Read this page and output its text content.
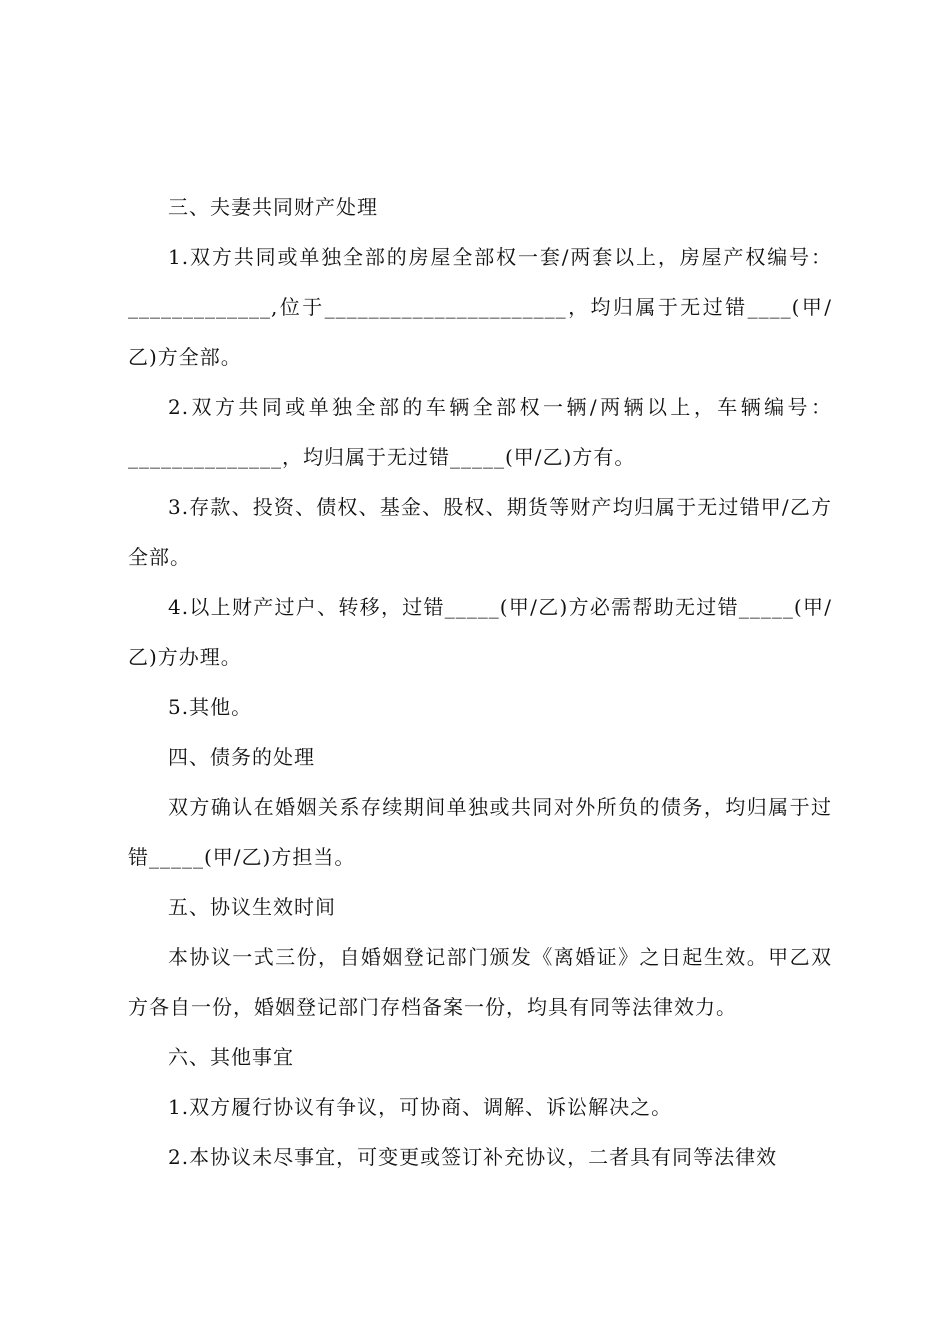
三、夫妻共同财产处理

1.双方共同或单独全部的房屋全部权一套/两套以上，房屋产权编号：_____________,位于______________________，均归属于无过错____(甲/乙)方全部。

2.双方共同或单独全部的车辆全部权一辆/两辆以上，车辆编号：______________，均归属于无过错_____(甲/乙)方有。

3.存款、投资、债权、基金、股权、期货等财产均归属于无过错甲/乙方全部。

4.以上财产过户、转移，过错_____(甲/乙)方必需帮助无过错_____(甲/乙)方办理。

5.其他。

四、债务的处理

双方确认在婚姻关系存续期间单独或共同对外所负的债务，均归属于过错_____(甲/乙)方担当。

五、协议生效时间

本协议一式三份，自婚姻登记部门颁发《离婚证》之日起生效。甲乙双方各自一份，婚姻登记部门存档备案一份，均具有同等法律效力。

六、其他事宜

1.双方履行协议有争议，可协商、调解、诉讼解决之。

2.本协议未尽事宜，可变更或签订补充协议，二者具有同等法律效
